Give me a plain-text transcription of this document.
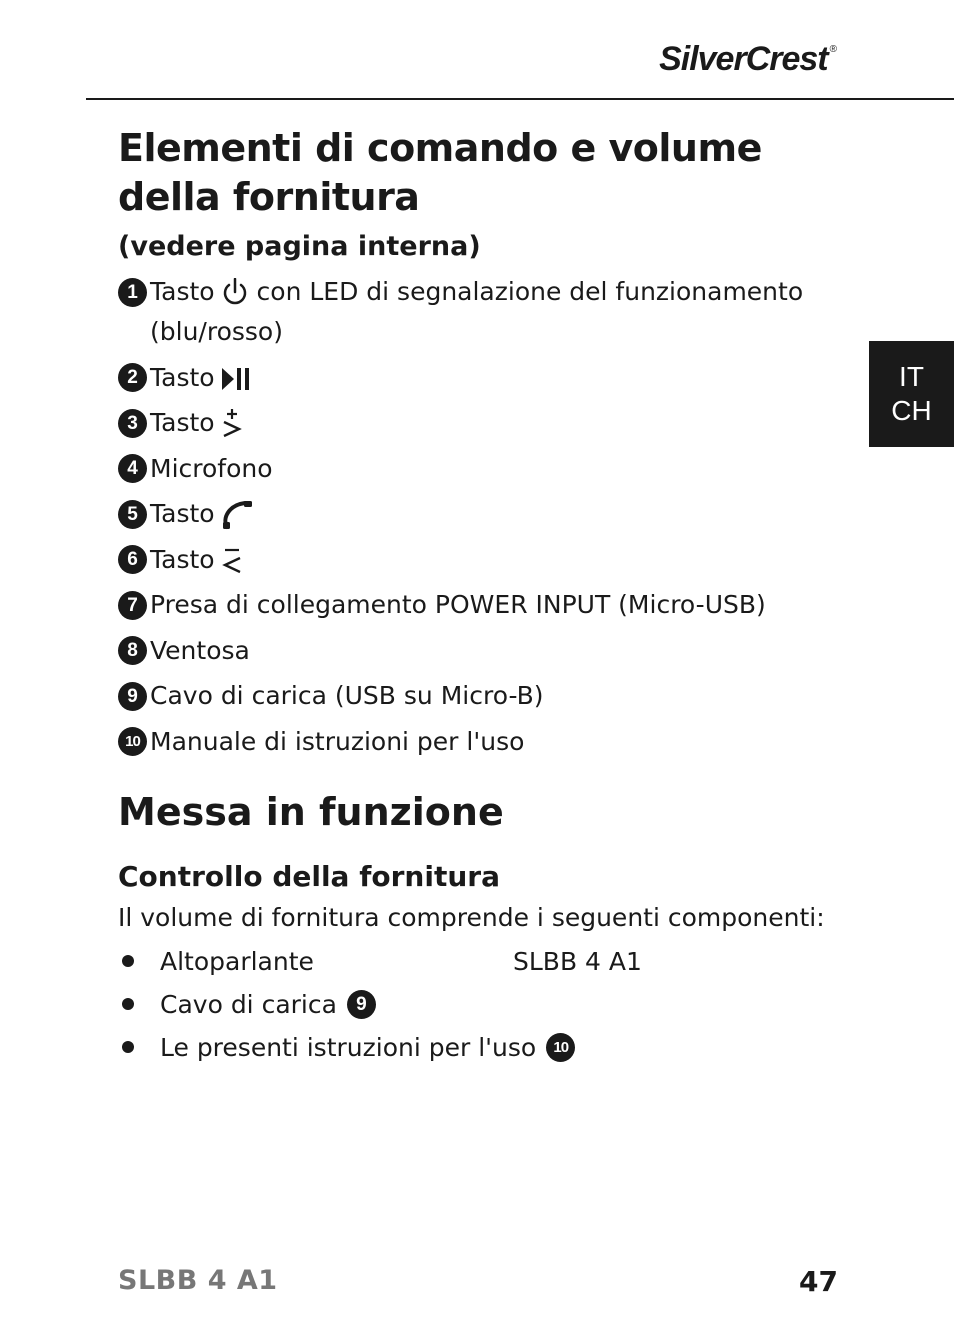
SilverCrest ®
IT
CH
Elementi di comando e volume
della fornitura
(vedere pagina interna)
1 Tasto con LED di segnalazione del funzionamento (blu/rosso)
2 Tasto
3 Tasto
4 Microfono
5 Tasto
6 Tasto
7 Presa di collegamento POWER INPUT (Micro-USB)
8 Ventosa
9 Cavo di carica (USB su Micro-B)
10 Manuale di istruzioni per l'uso
Messa in funzione
Controllo della fornitura
Il volume di fornitura comprende i seguenti componenti:
Altoparlante	SLBB 4 A1
Cavo di carica	9
Le presenti istruzioni per l'uso	10
SLBB 4 A1	47
